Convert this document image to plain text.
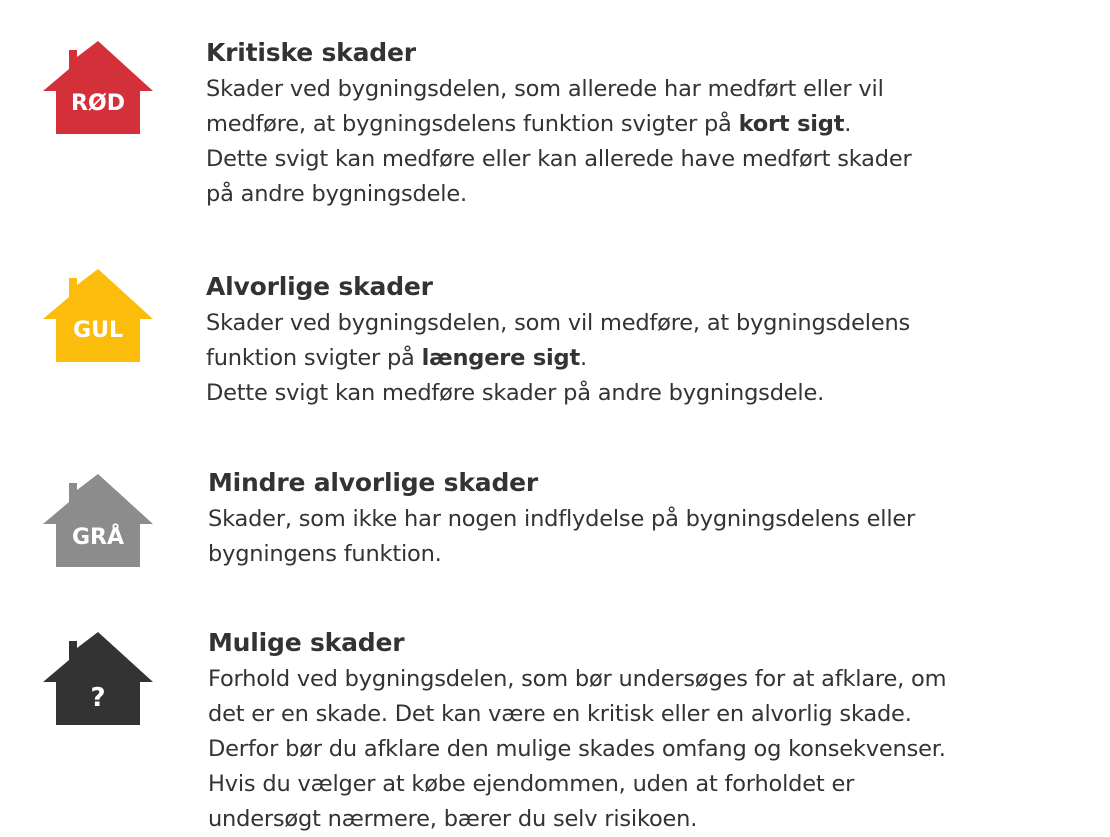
RØD
Kritiske skader
Skader ved bygningsdelen, som allerede har medført eller vil
medføre, at bygningsdelens funktion svigter på kort sigt.
Dette svigt kan medføre eller kan allerede have medført skader
på andre bygningsdele.
GUL
Alvorlige skader
Skader ved bygningsdelen, som vil medføre, at bygningsdelens
funktion svigter på længere sigt.
Dette svigt kan medføre skader på andre bygningsdele.
GRÅ
Mindre alvorlige skader
Skader, som ikke har nogen indflydelse på bygningsdelens eller
bygningens funktion.
?
Mulige skader
Forhold ved bygningsdelen, som bør undersøges for at afklare, om
det er en skade. Det kan være en kritisk eller en alvorlig skade.
Derfor bør du afklare den mulige skades omfang og konsekvenser.
Hvis du vælger at købe ejendommen, uden at forholdet er
undersøgt nærmere, bærer du selv risikoen.
